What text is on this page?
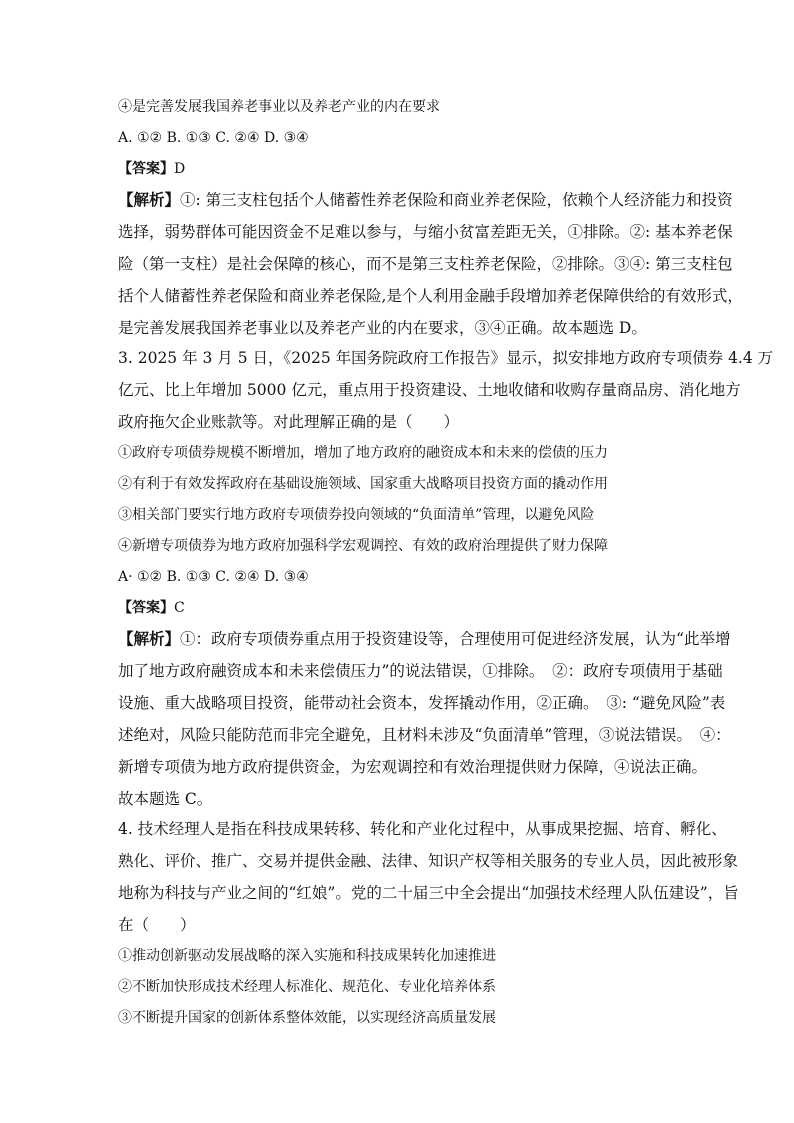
④是完善发展我国养老事业以及养老产业的内在要求

A. ①② B. ①③ C. ②④ D. ③④

【答案】D

【解析】①: 第三支柱包括个人储蓄性养老保险和商业养老保险，依赖个人经济能力和投资

选择，弱势群体可能因资金不足难以参与，与缩小贫富差距无关，①排除。②: 基本养老保

险（第一支柱）是社会保障的核心，而不是第三支柱养老保险，②排除。③④: 第三支柱包

括个人储蓄性养老保险和商业养老保险,是个人利用金融手段增加养老保障供给的有效形式，

是完善发展我国养老事业以及养老产业的内在要求，③④正确。故本题选 D。

3. 2025 年 3 月 5 日，《2025 年国务院政府工作报告》显示，拟安排地方政府专项债券 4.4 万

亿元、比上年增加 5000 亿元，重点用于投资建设、土地收储和收购存量商品房、消化地方

政府拖欠企业账款等。对此理解正确的是（　　）

①政府专项债券规模不断增加，增加了地方政府的融资成本和未来的偿债的压力

②有利于有效发挥政府在基础设施领域、国家重大战略项目投资方面的撬动作用

③相关部门要实行地方政府专项债券投向领域的“负面清单”管理，以避免风险

④新增专项债券为地方政府加强科学宏观调控、有效的政府治理提供了财力保障

A· ①② B. ①③ C. ②④ D. ③④

【答案】C

【解析】①：政府专项债券重点用于投资建设等，合理使用可促进经济发展，认为“此举增

加了地方政府融资成本和未来偿债压力”的说法错误，①排除。　②：政府专项债用于基础

设施、重大战略项目投资，能带动社会资本，发挥撬动作用，②正确。　③: “避免风险”表

述绝对，风险只能防范而非完全避免，且材料未涉及“负面清单”管理，③说法错误。　④：

新增专项债为地方政府提供资金，为宏观调控和有效治理提供财力保障，④说法正确。

故本题选 C。

4. 技术经理人是指在科技成果转移、转化和产业化过程中，从事成果挖掘、培育、孵化、

熟化、评价、推广、交易并提供金融、法律、知识产权等相关服务的专业人员，因此被形象

地称为科技与产业之间的“红娘”。党的二十届三中全会提出“加强技术经理人队伍建设”，旨

在（　　）

①推动创新驱动发展战略的深入实施和科技成果转化加速推进

②不断加快形成技术经理人标准化、规范化、专业化培养体系

③不断提升国家的创新体系整体效能，以实现经济高质量发展
